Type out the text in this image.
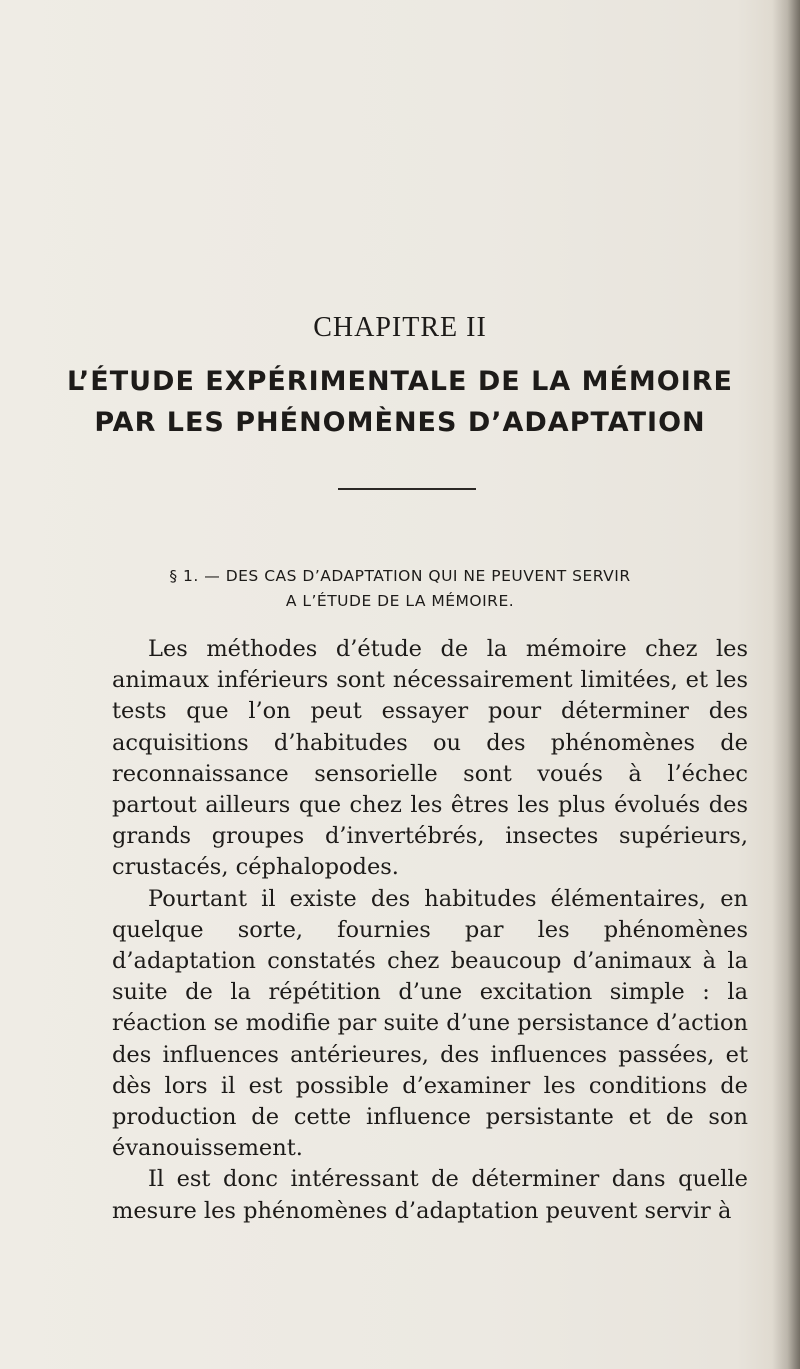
CHAPITRE II
L’ÉTUDE EXPÉRIMENTALE DE LA MÉMOIRE
PAR LES PHÉNOMÈNES D’ADAPTATION
§ 1. — DES CAS D’ADAPTATION QUI NE PEUVENT SERVIR
A L’ÉTUDE DE LA MÉMOIRE.

Les méthodes d’étude de la mémoire chez les animaux inférieurs sont nécessairement limitées, et les tests que l’on peut essayer pour déterminer des acquisitions d’habitudes ou des phénomènes de reconnaissance sensorielle sont voués à l’échec partout ailleurs que chez les êtres les plus évolués des grands groupes d’invertébrés, insectes supérieurs, crustacés, céphalopodes.

Pourtant il existe des habitudes élémentaires, en quelque sorte, fournies par les phénomènes d’adaptation constatés chez beaucoup d’animaux à la suite de la répétition d’une excitation simple : la réaction se modifie par suite d’une persistance d’action des influences antérieures, des influences passées, et dès lors il est possible d’examiner les conditions de production de cette influence persistante et de son évanouissement.

Il est donc intéressant de déterminer dans quelle mesure les phénomènes d’adaptation peuvent servir à
